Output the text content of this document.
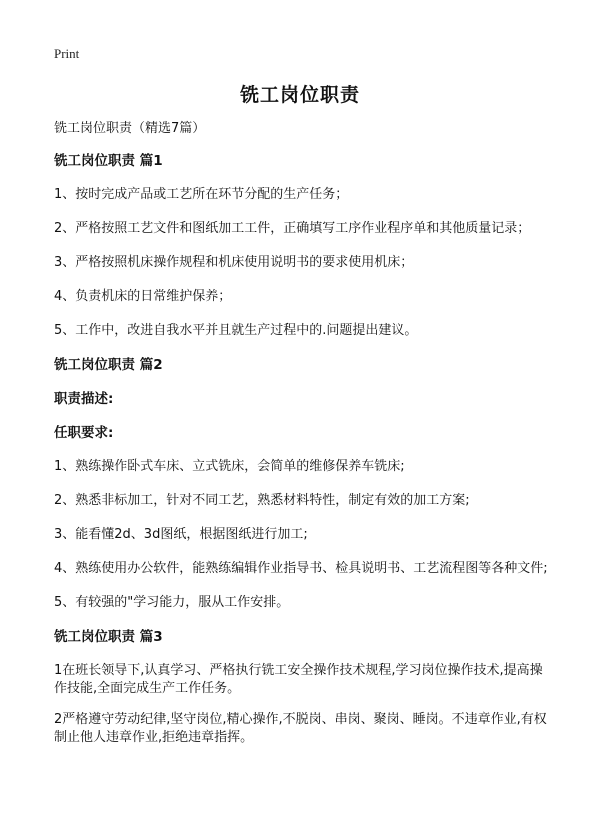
Print
铣工岗位职责

铣工岗位职责（精选7篇）

铣工岗位职责 篇1

1、按时完成产品或工艺所在环节分配的生产任务；

2、严格按照工艺文件和图纸加工工件，正确填写工序作业程序单和其他质量记录；

3、严格按照机床操作规程和机床使用说明书的要求使用机床；

4、负责机床的日常维护保养；

5、工作中，改进自我水平并且就生产过程中的.问题提出建议。

铣工岗位职责 篇2

职责描述:

任职要求:

1、熟练操作卧式车床、立式铣床，会简单的维修保养车铣床;

2、熟悉非标加工，针对不同工艺，熟悉材料特性，制定有效的加工方案;

3、能看懂2d、3d图纸，根据图纸进行加工;

4、熟练使用办公软件，能熟练编辑作业指导书、检具说明书、工艺流程图等各种文件;

5、有较强的"学习能力，服从工作安排。

铣工岗位职责 篇3

1在班长领导下,认真学习、严格执行铣工安全操作技术规程,学习岗位操作技术,提高操作技能,全面完成生产工作任务。

2严格遵守劳动纪律,坚守岗位,精心操作,不脱岗、串岗、聚岗、睡岗。不违章作业,有权制止他人违章作业,拒绝违章指挥。
